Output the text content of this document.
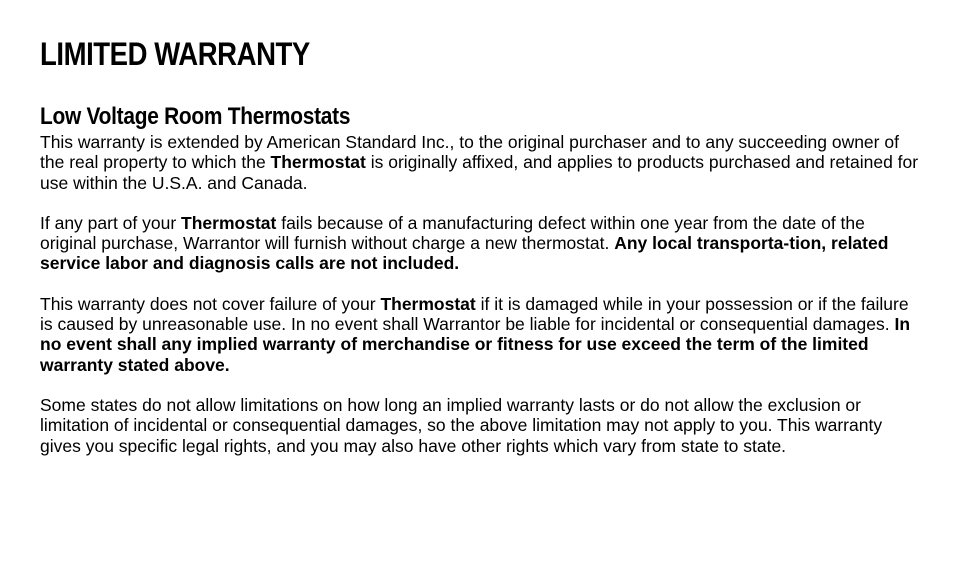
LIMITED WARRANTY
Low Voltage Room Thermostats

This warranty is extended by American Standard Inc., to the original purchaser and to any succeeding owner of the real property to which the Thermostat is originally affixed, and applies to products purchased and retained for use within the U.S.A. and Canada.

If any part of your Thermostat fails because of a manufacturing defect within one year from the date of the original purchase, Warrantor will furnish without charge a new thermostat. Any local transporta-tion, related service labor and diagnosis calls are not included.

This warranty does not cover failure of your Thermostat if it is damaged while in your possession or if the failure is caused by unreasonable use. In no event shall Warrantor be liable for incidental or consequential damages. In no event shall any implied warranty of merchandise or fitness for use exceed the term of the limited warranty stated above.

Some states do not allow limitations on how long an implied warranty lasts or do not allow the exclusion or limitation of incidental or consequential damages, so the above limitation may not apply to you. This warranty gives you specific legal rights, and you may also have other rights which vary from state to state.
